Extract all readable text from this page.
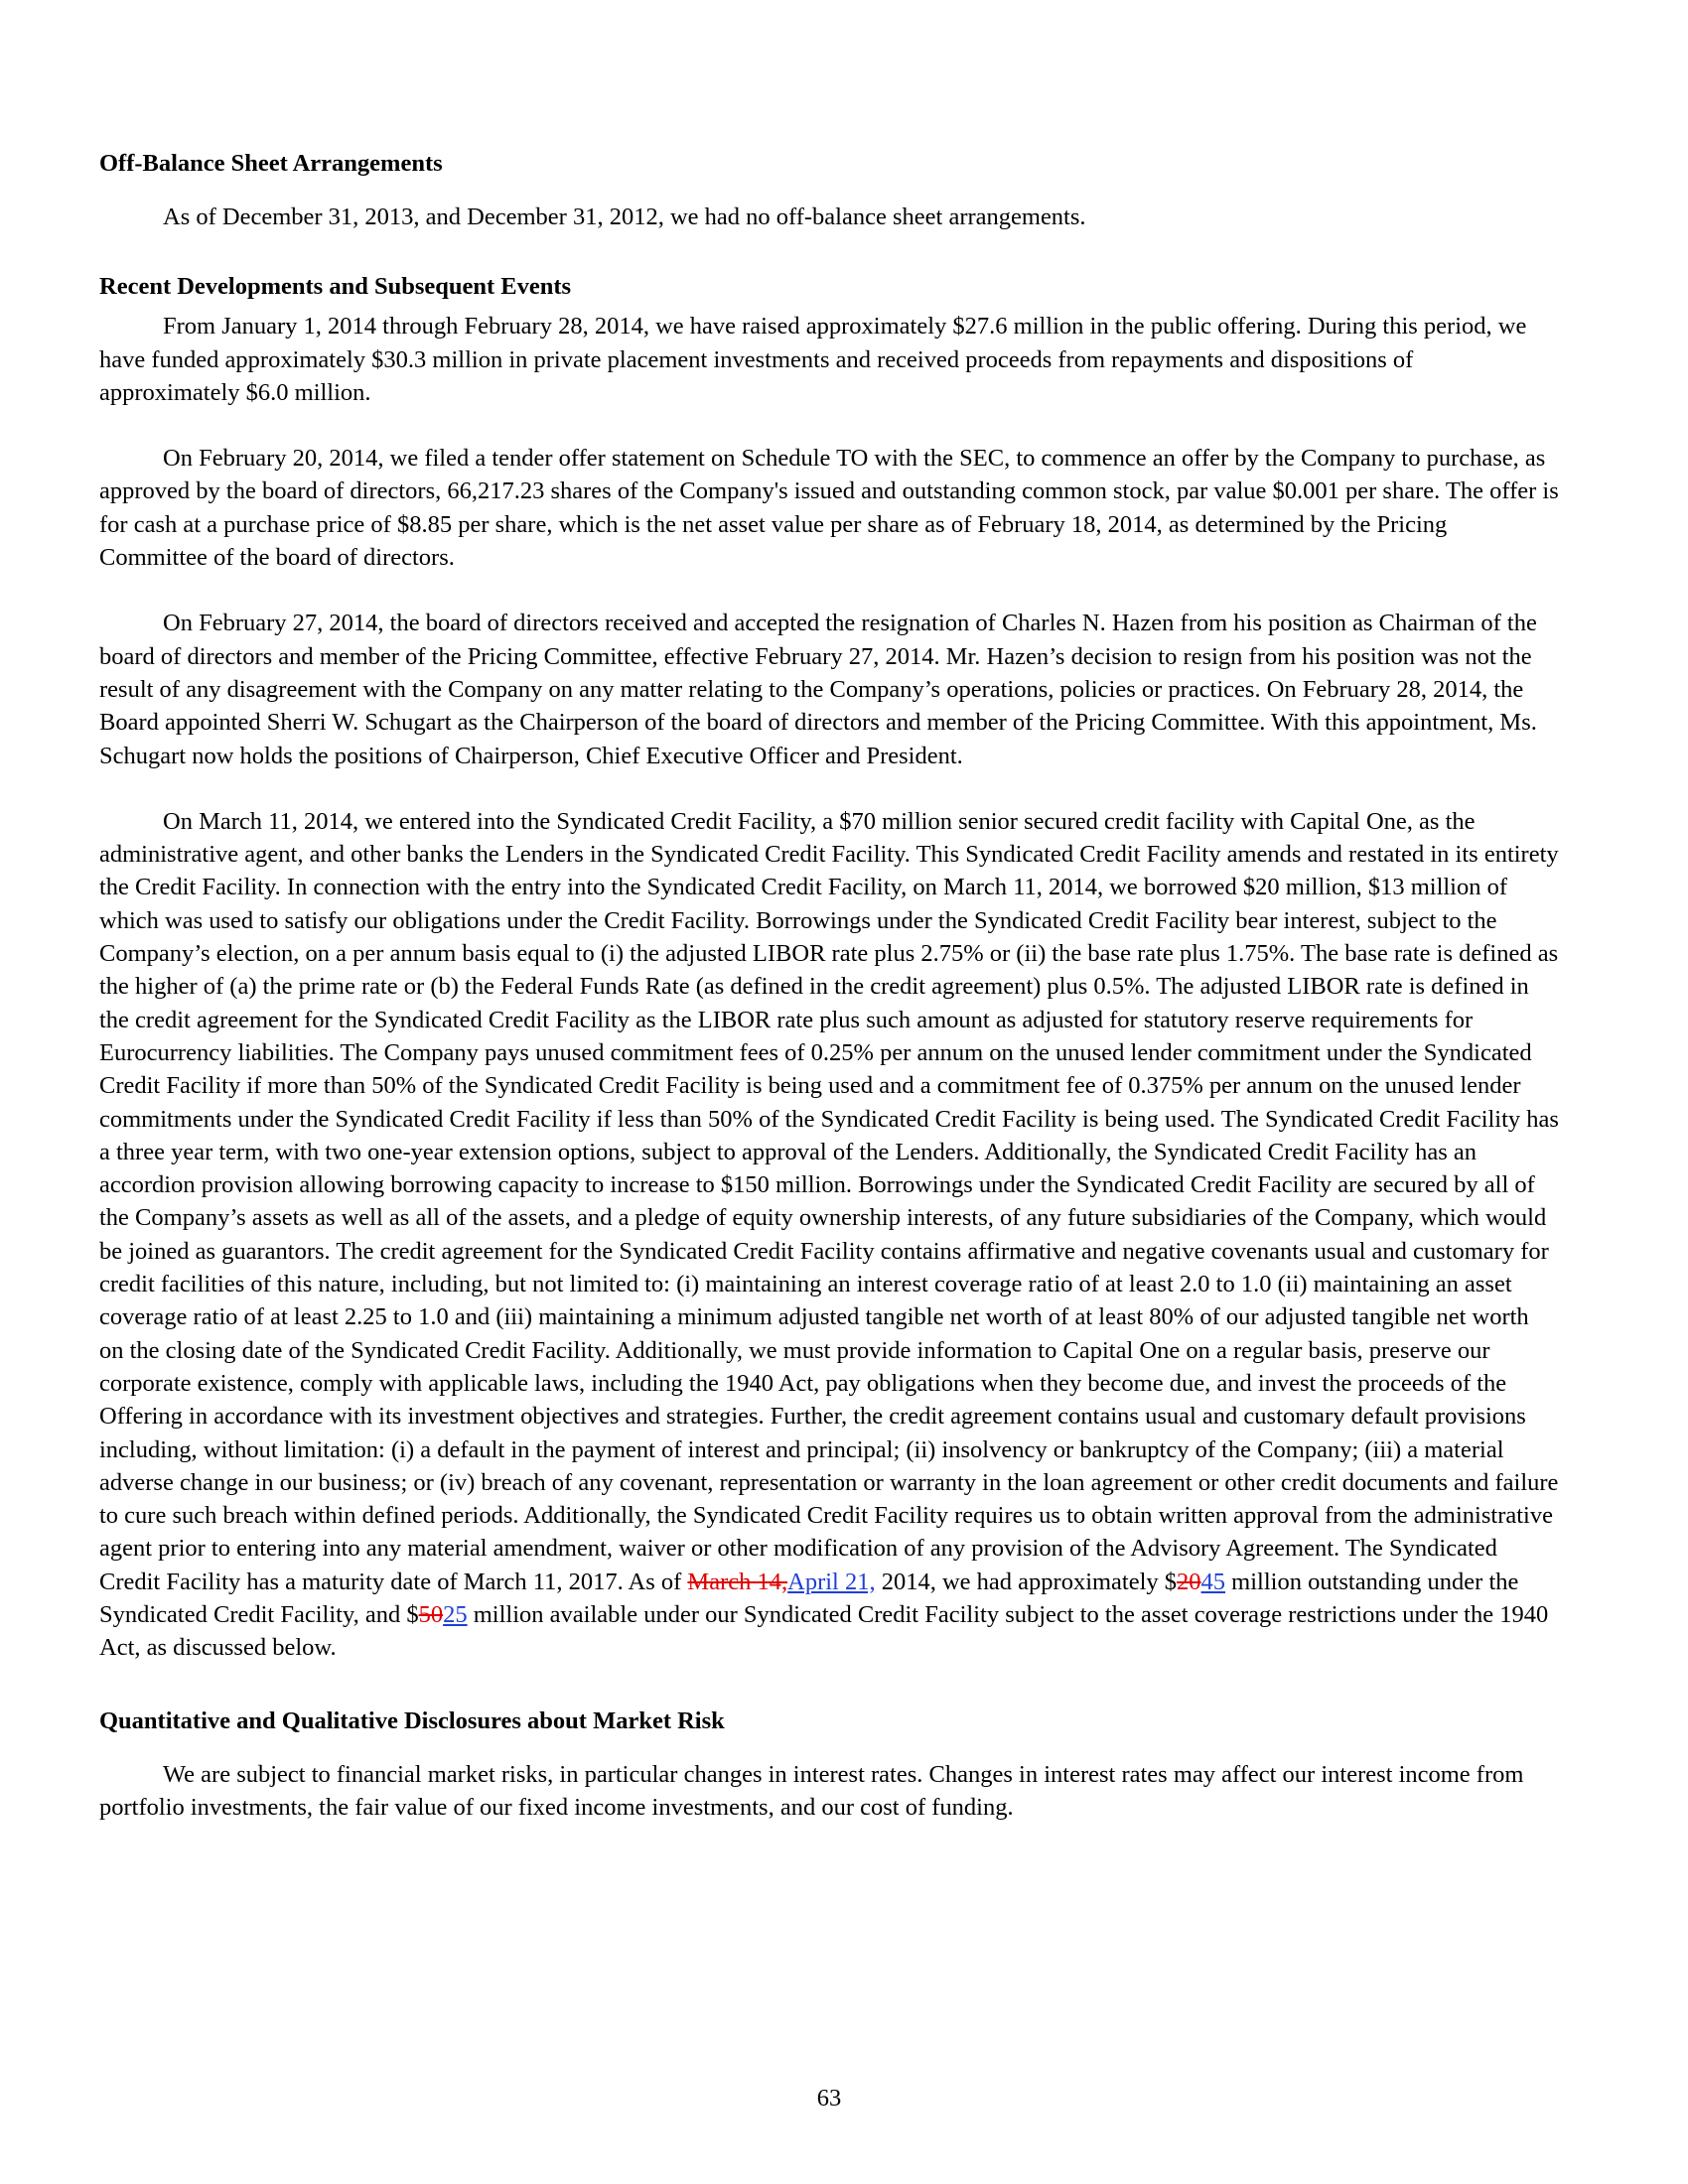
Off-Balance Sheet Arrangements

As of December 31, 2013, and December 31, 2012, we had no off-balance sheet arrangements.

Recent Developments and Subsequent Events

From January 1, 2014 through February 28, 2014, we have raised approximately $27.6 million in the public offering. During this period, we have funded approximately $30.3 million in private placement investments and received proceeds from repayments and dispositions of approximately $6.0 million.

On February 20, 2014, we filed a tender offer statement on Schedule TO with the SEC, to commence an offer by the Company to purchase, as approved by the board of directors, 66,217.23 shares of the Company's issued and outstanding common stock, par value $0.001 per share. The offer is for cash at a purchase price of $8.85 per share, which is the net asset value per share as of February 18, 2014, as determined by the Pricing Committee of the board of directors.

On February 27, 2014, the board of directors received and accepted the resignation of Charles N. Hazen from his position as Chairman of the board of directors and member of the Pricing Committee, effective February 27, 2014. Mr. Hazen’s decision to resign from his position was not the result of any disagreement with the Company on any matter relating to the Company’s operations, policies or practices. On February 28, 2014, the Board appointed Sherri W. Schugart as the Chairperson of the board of directors and member of the Pricing Committee. With this appointment, Ms. Schugart now holds the positions of Chairperson, Chief Executive Officer and President.

On March 11, 2014, we entered into the Syndicated Credit Facility, a $70 million senior secured credit facility with Capital One, as the administrative agent, and other banks the Lenders in the Syndicated Credit Facility. This Syndicated Credit Facility amends and restated in its entirety the Credit Facility. In connection with the entry into the Syndicated Credit Facility, on March 11, 2014, we borrowed $20 million, $13 million of which was used to satisfy our obligations under the Credit Facility. Borrowings under the Syndicated Credit Facility bear interest, subject to the Company’s election, on a per annum basis equal to (i) the adjusted LIBOR rate plus 2.75% or (ii) the base rate plus 1.75%. The base rate is defined as the higher of (a) the prime rate or (b) the Federal Funds Rate (as defined in the credit agreement) plus 0.5%. The adjusted LIBOR rate is defined in the credit agreement for the Syndicated Credit Facility as the LIBOR rate plus such amount as adjusted for statutory reserve requirements for Eurocurrency liabilities. The Company pays unused commitment fees of 0.25% per annum on the unused lender commitment under the Syndicated Credit Facility if more than 50% of the Syndicated Credit Facility is being used and a commitment fee of 0.375% per annum on the unused lender commitments under the Syndicated Credit Facility if less than 50% of the Syndicated Credit Facility is being used. The Syndicated Credit Facility has a three year term, with two one-year extension options, subject to approval of the Lenders. Additionally, the Syndicated Credit Facility has an accordion provision allowing borrowing capacity to increase to $150 million. Borrowings under the Syndicated Credit Facility are secured by all of the Company’s assets as well as all of the assets, and a pledge of equity ownership interests, of any future subsidiaries of the Company, which would be joined as guarantors. The credit agreement for the Syndicated Credit Facility contains affirmative and negative covenants usual and customary for credit facilities of this nature, including, but not limited to: (i) maintaining an interest coverage ratio of at least 2.0 to 1.0 (ii) maintaining an asset coverage ratio of at least 2.25 to 1.0 and (iii) maintaining a minimum adjusted tangible net worth of at least 80% of our adjusted tangible net worth on the closing date of the Syndicated Credit Facility. Additionally, we must provide information to Capital One on a regular basis, preserve our corporate existence, comply with applicable laws, including the 1940 Act, pay obligations when they become due, and invest the proceeds of the Offering in accordance with its investment objectives and strategies. Further, the credit agreement contains usual and customary default provisions including, without limitation: (i) a default in the payment of interest and principal; (ii) insolvency or bankruptcy of the Company; (iii) a material adverse change in our business; or (iv) breach of any covenant, representation or warranty in the loan agreement or other credit documents and failure to cure such breach within defined periods. Additionally, the Syndicated Credit Facility requires us to obtain written approval from the administrative agent prior to entering into any material amendment, waiver or other modification of any provision of the Advisory Agreement. The Syndicated Credit Facility has a maturity date of March 11, 2017. As of March 14,April 21, 2014, we had approximately $2045 million outstanding under the Syndicated Credit Facility, and $5025 million available under our Syndicated Credit Facility subject to the asset coverage restrictions under the 1940 Act, as discussed below.

Quantitative and Qualitative Disclosures about Market Risk

We are subject to financial market risks, in particular changes in interest rates. Changes in interest rates may affect our interest income from portfolio investments, the fair value of our fixed income investments, and our cost of funding.

63
